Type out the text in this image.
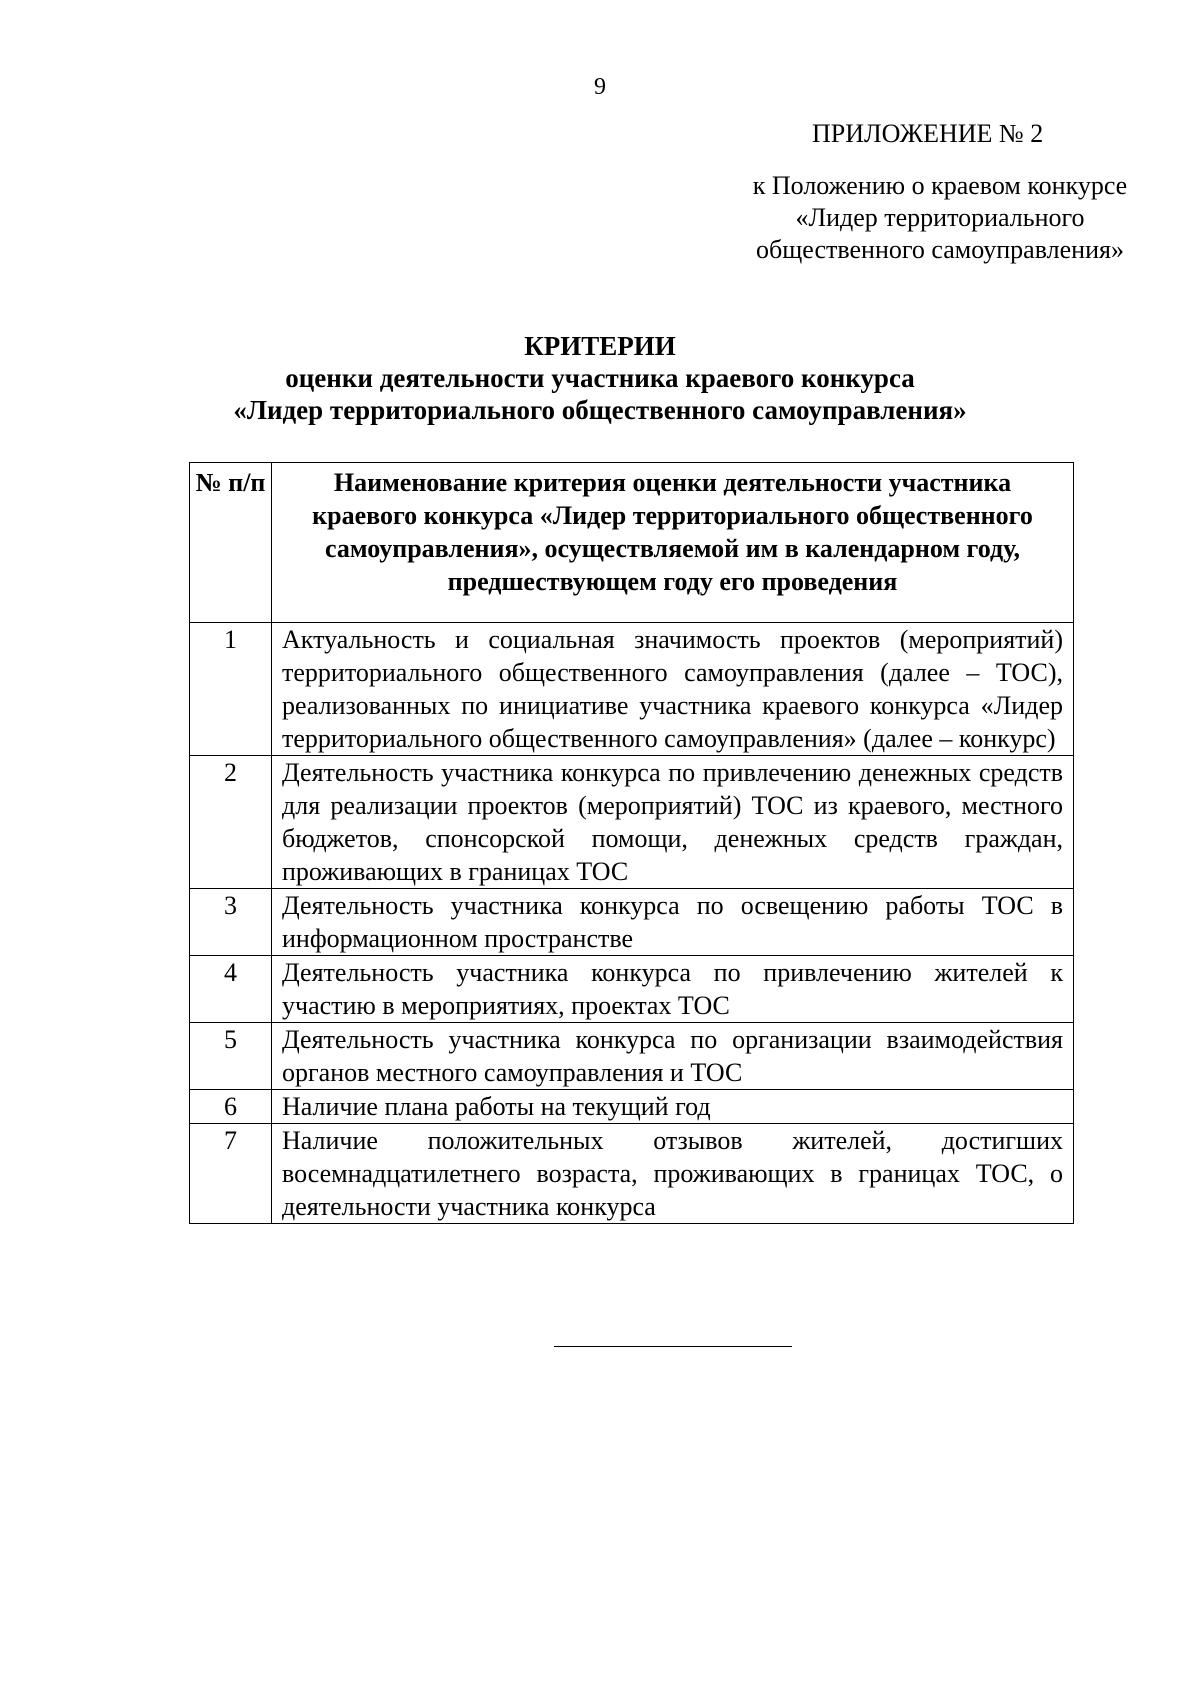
9
ПРИЛОЖЕНИЕ № 2
к Положению о краевом конкурсе
«Лидер территориального
общественного самоуправления»
КРИТЕРИИ
оценки деятельности участника краевого конкурса
«Лидер территориального общественного самоуправления»
№ п/п	Наименование критерия оценки деятельности участника краевого конкурса «Лидер территориального общественного самоуправления», осуществляемой им в календарном году, предшествующем году его проведения
1	Актуальность и социальная значимость проектов (мероприятий) территориального общественного самоуправления (далее – ТОС), реализованных по инициативе участника краевого конкурса «Лидер территориального общественного самоуправления» (далее – конкурс)
2	Деятельность участника конкурса по привлечению денежных средств для реализации проектов (мероприятий) ТОС из краевого, местного бюджетов, спонсорской помощи, денежных средств граждан, проживающих в границах ТОС
3	Деятельность участника конкурса по освещению работы ТОС в информационном пространстве
4	Деятельность участника конкурса по привлечению жителей к участию в мероприятиях, проектах ТОС
5	Деятельность участника конкурса по организации взаимодействия органов местного самоуправления и ТОС
6	Наличие плана работы на текущий год
7	Наличие положительных отзывов жителей, достигших восемнадцатилетнего возраста, проживающих в границах ТОС, о деятельности участника конкурса
